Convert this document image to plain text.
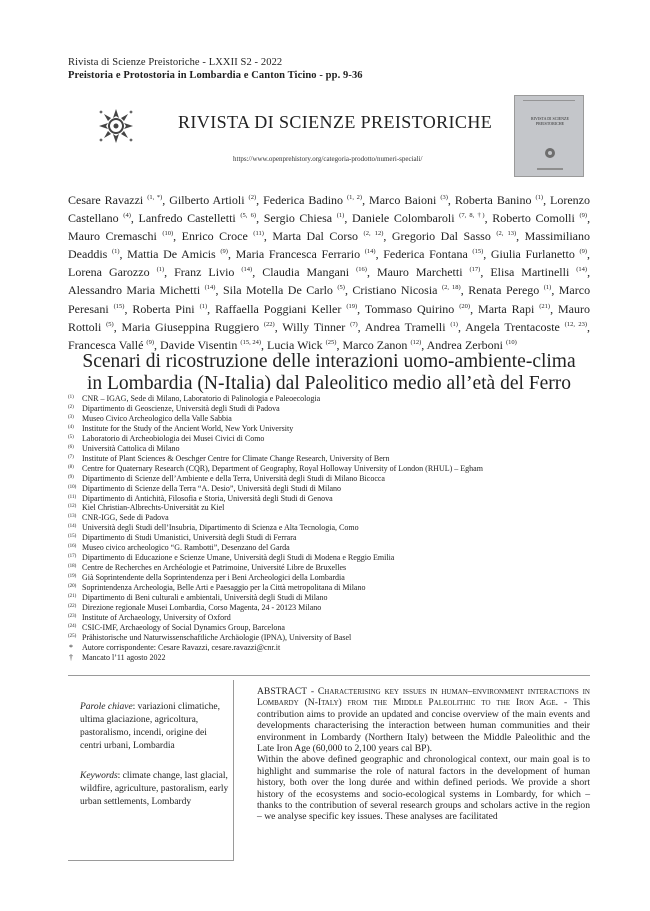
Rivista di Scienze Preistoriche - LXXII S2 - 2022
Preistoria e Protostoria in Lombardia e Canton Ticino - pp. 9-36
RIVISTA DI SCIENZE PREISTORICHE
https://www.openprehistory.org/categoria-prodotto/numeri-speciali/
RIVISTA DI SCIENZE PREISTORICHE
Cesare Ravazzi $^{(1, *)}$, Gilberto Artioli $^{(2)}$, Federica Badino $^{(1, 2)}$, Marco Baioni $^{(3)}$, Roberta Banino $^{(1)}$, Lorenzo Castellano $^{(4)}$, Lanfredo Castelletti $^{(5, 6)}$, Sergio Chiesa $^{(1)}$, Daniele Colombaroli $^{(7, 8, \dagger)}$, Roberto Comolli $^{(9)}$, Mauro Cremaschi $^{(10)}$, Enrico Croce $^{(11)}$, Marta Dal Corso $^{(2, 12)}$, Gregorio Dal Sasso $^{(2, 13)}$, Massimiliano Deaddis $^{(1)}$, Mattia De Amicis $^{(9)}$, Maria Francesca Ferrario $^{(14)}$, Federica Fontana $^{(15)}$, Giulia Furlanetto $^{(9)}$, Lorena Garozzo $^{(1)}$, Franz Livio $^{(14)}$, Claudia Mangani $^{(16)}$, Mauro Marchetti $^{(17)}$, Elisa Martinelli $^{(14)}$, Alessandro Maria Michetti $^{(14)}$, Sila Motella De Carlo $^{(5)}$, Cristiano Nicosia $^{(2, 18)}$, Renata Perego $^{(1)}$, Marco Peresani $^{(15)}$, Roberta Pini $^{(1)}$, Raffaella Poggiani Keller $^{(19)}$, Tommaso Quirino $^{(20)}$, Marta Rapi $^{(21)}$, Mauro Rottoli $^{(5)}$, Maria Giuseppina Ruggiero $^{(22)}$, Willy Tinner $^{(7)}$, Andrea Tramelli $^{(1)}$, Angela Trentacoste $^{(12, 23)}$, Francesca Vallé $^{(9)}$, Davide Visentin $^{(15, 24)}$, Lucia Wick $^{(25)}$, Marco Zanon $^{(12)}$, Andrea Zerboni $^{(10)}$
Scenari di ricostruzione delle interazioni uomo-ambiente-clima
in Lombardia (N-Italia) dal Paleolitico medio all’età del Ferro
(1) CNR – IGAG, Sede di Milano, Laboratorio di Palinologia e Paleoecologia
(2) Dipartimento di Geoscienze, Università degli Studi di Padova
(3) Museo Civico Archeologico della Valle Sabbia
(4) Institute for the Study of the Ancient World, New York University
(5) Laboratorio di Archeobiologia dei Musei Civici di Como
(6) Università Cattolica di Milano
(7) Institute of Plant Sciences & Oeschger Centre for Climate Change Research, University of Bern
(8) Centre for Quaternary Research (CQR), Department of Geography, Royal Holloway University of London (RHUL) – Egham
(9) Dipartimento di Scienze dell’Ambiente e della Terra, Università degli Studi di Milano Bicocca
(10) Dipartimento di Scienze della Terra “A. Desio”, Università degli Studi di Milano
(11) Dipartimento di Antichità, Filosofia e Storia, Università degli Studi di Genova
(12) Kiel Christian-Albrechts-Universität zu Kiel
(13) CNR-IGG, Sede di Padova
(14) Università degli Studi dell’Insubria, Dipartimento di Scienza e Alta Tecnologia, Como
(15) Dipartimento di Studi Umanistici, Università degli Studi di Ferrara
(16) Museo civico archeologico “G. Rambotti”, Desenzano del Garda
(17) Dipartimento di Educazione e Scienze Umane, Università degli Studi di Modena e Reggio Emilia
(18) Centre de Recherches en Archéologie et Patrimoine, Université Libre de Bruxelles
(19) Già Soprintendente della Soprintendenza per i Beni Archeologici della Lombardia
(20) Soprintendenza Archeologia, Belle Arti e Paesaggio per la Città metropolitana di Milano
(21) Dipartimento di Beni culturali e ambientali, Università degli Studi di Milano
(22) Direzione regionale Musei Lombardia, Corso Magenta, 24 - 20123 Milano
(23) Institute of Archaeology, University of Oxford
(24) CSIC-IMF, Archaeology of Social Dynamics Group, Barcelona
(25) Prähistorische und Naturwissenschaftliche Archäologie (IPNA), University of Basel
* Autore corrispondente: Cesare Ravazzi, cesare.ravazzi@cnr.it
† Mancato l’11 agosto 2022
Parole chiave: variazioni climatiche, ultima glaciazione, agricoltura, pastoralismo, incendi, origine dei centri urbani, Lombardia
Keywords: climate change, last glacial, wildfire, agriculture, pastoralism, early urban settlements, Lombardy
ABSTRACT - Characterising key issues in human–environment interactions in Lombardy (N-Italy) from the Middle Paleolithic to the Iron Age. - This contribution aims to provide an updated and concise overview of the main events and developments characterising the interaction between human communities and their environment in Lombardy (Northern Italy) between the Middle Paleolithic and the Late Iron Age (60,000 to 2,100 years cal BP).
Within the above defined geographic and chronological context, our main goal is to highlight and summarise the role of natural factors in the development of human history, both over the long durée and within defined periods. We provide a short history of the ecosystems and socio-ecological systems in Lombardy, for which – thanks to the contribution of several research groups and scholars active in the region – we analyse specific key issues. These analyses are facilitated
